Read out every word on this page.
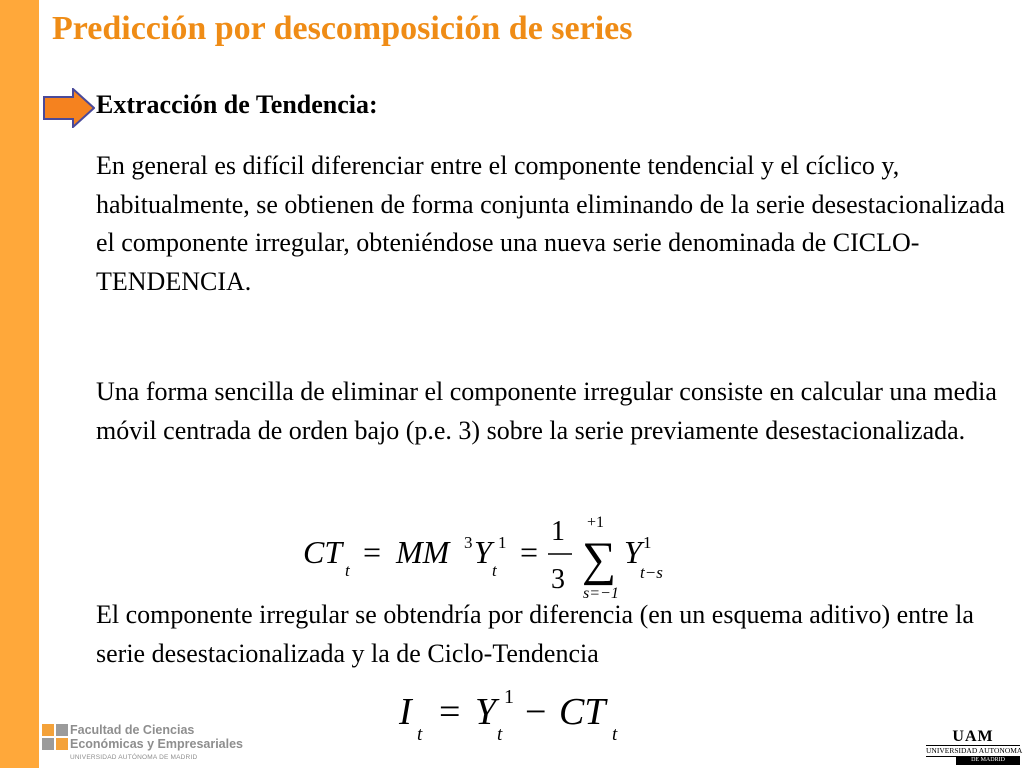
Predicción por descomposición de series
Extracción de Tendencia:
En general es difícil diferenciar entre el componente tendencial y el cíclico y, habitualmente, se obtienen de forma conjunta eliminando de la serie desestacionalizada el componente irregular, obteniéndose una nueva serie denominada de CICLO-TENDENCIA.
Una forma sencilla de eliminar el componente irregular consiste en calcular una media móvil centrada de orden bajo (p.e. 3) sobre la serie previamente desestacionalizada.
CT
t
= MM 3 Y
t
1 =
1
3
+1
∑
s=−1
Y 1
t−s
El componente irregular se obtendría por diferencia (en un esquema aditivo) entre la serie desestacionalizada y la de Ciclo-Tendencia
I
t
= Y 1
t
− CT
t
Facultad de Ciencias
Económicas y Empresariales
UNIVERSIDAD AUTÓNOMA DE MADRID
UAM
UNIVERSIDAD AUTONOMA
DE MADRID
